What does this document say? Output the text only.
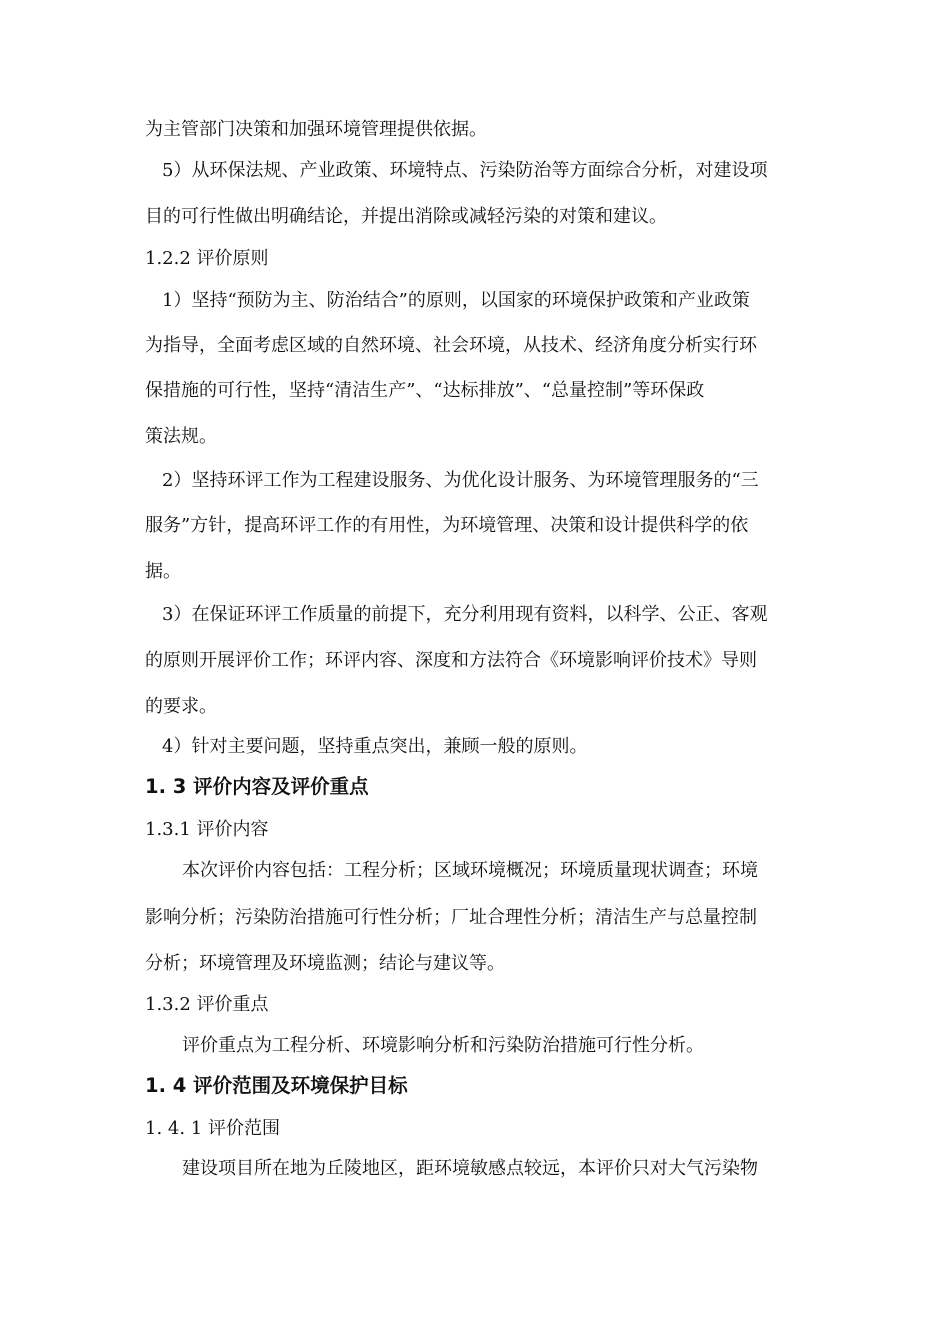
为主管部门决策和加强环境管理提供依据。
5）从环保法规、产业政策、环境特点、污染防治等方面综合分析，对建设项
目的可行性做出明确结论，并提出消除或减轻污染的对策和建议。
1.2.2 评价原则
1）坚持“预防为主、防治结合”的原则，以国家的环境保护政策和产业政策
为指导，全面考虑区域的自然环境、社会环境，从技术、经济角度分析实行环
保措施的可行性，坚持“清洁生产”、“达标排放”、“总量控制”等环保政
策法规。
2）坚持环评工作为工程建设服务、为优化设计服务、为环境管理服务的“三
服务”方针，提高环评工作的有用性，为环境管理、决策和设计提供科学的依
据。
3）在保证环评工作质量的前提下，充分利用现有资料，以科学、公正、客观
的原则开展评价工作；环评内容、深度和方法符合《环境影响评价技术》导则
的要求。
4）针对主要问题，坚持重点突出，兼顾一般的原则。
1. 3 评价内容及评价重点
1.3.1 评价内容
本次评价内容包括：工程分析；区域环境概况；环境质量现状调查；环境
影响分析；污染防治措施可行性分析；厂址合理性分析；清洁生产与总量控制
分析；环境管理及环境监测；结论与建议等。
1.3.2 评价重点
评价重点为工程分析、环境影响分析和污染防治措施可行性分析。
1. 4 评价范围及环境保护目标
1. 4. 1 评价范围
建设项目所在地为丘陵地区，距环境敏感点较远，本评价只对大气污染物
